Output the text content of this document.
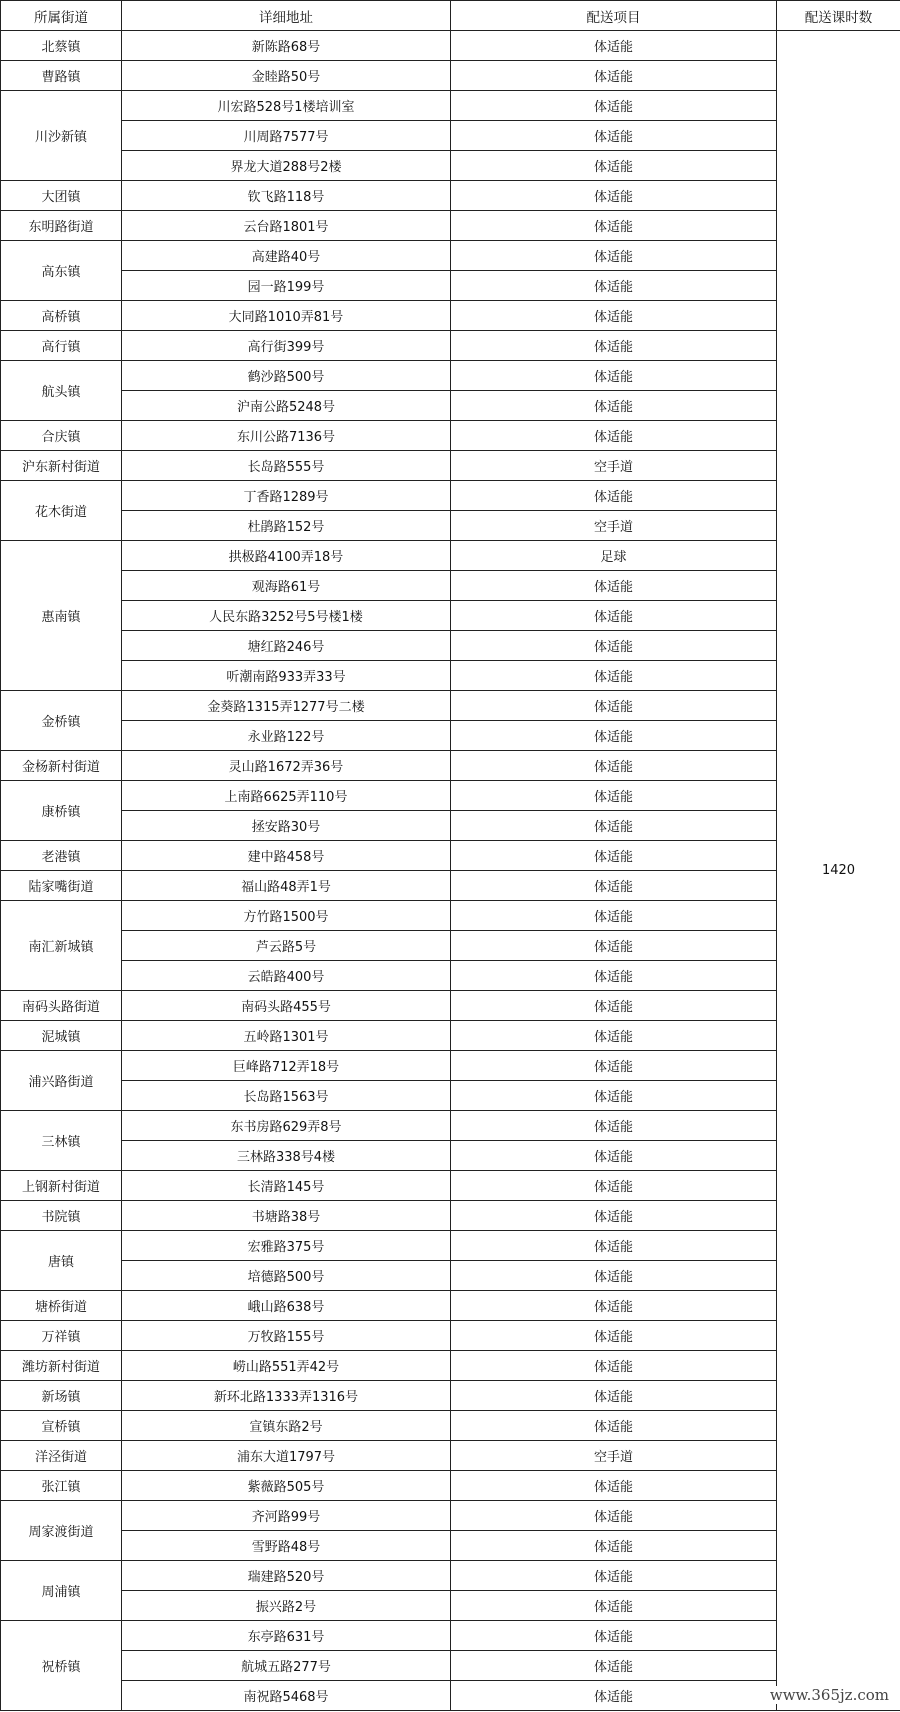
所属街道	详细地址	配送项目	配送课时数
北蔡镇	新陈路68号	体适能	1420
曹路镇	金睦路50号	体适能	
川沙新镇	川宏路528号1楼培训室	体适能	
	川周路7577号	体适能	
	界龙大道288号2楼	体适能	
大团镇	钦飞路118号	体适能	
东明路街道	云台路1801号	体适能	
高东镇	高建路40号	体适能	
	园一路199号	体适能	
高桥镇	大同路1010弄81号	体适能	
高行镇	高行街399号	体适能	
航头镇	鹤沙路500号	体适能	
	沪南公路5248号	体适能	
合庆镇	东川公路7136号	体适能	
沪东新村街道	长岛路555号	空手道	
花木街道	丁香路1289号	体适能	
	杜鹃路152号	空手道	
惠南镇	拱极路4100弄18号	足球	
	观海路61号	体适能	
	人民东路3252号5号楼1楼	体适能	
	塘红路246号	体适能	
	听潮南路933弄33号	体适能	
金桥镇	金葵路1315弄1277号二楼	体适能	
	永业路122号	体适能	
金杨新村街道	灵山路1672弄36号	体适能	
康桥镇	上南路6625弄110号	体适能	
	拯安路30号	体适能	
老港镇	建中路458号	体适能	
陆家嘴街道	福山路48弄1号	体适能	
南汇新城镇	方竹路1500号	体适能	
	芦云路5号	体适能	
	云皓路400号	体适能	
南码头路街道	南码头路455号	体适能	
泥城镇	五岭路1301号	体适能	
浦兴路街道	巨峰路712弄18号	体适能	
	长岛路1563号	体适能	
三林镇	东书房路629弄8号	体适能	
	三林路338号4楼	体适能	
上钢新村街道	长清路145号	体适能	
书院镇	书塘路38号	体适能	
唐镇	宏雅路375号	体适能	
	培德路500号	体适能	
塘桥街道	峨山路638号	体适能	
万祥镇	万牧路155号	体适能	
潍坊新村街道	崂山路551弄42号	体适能	
新场镇	新环北路1333弄1316号	体适能	
宣桥镇	宣镇东路2号	体适能	
洋泾街道	浦东大道1797号	空手道	
张江镇	紫薇路505号	体适能	
周家渡街道	齐河路99号	体适能	
	雪野路48号	体适能	
周浦镇	瑞建路520号	体适能	
	振兴路2号	体适能	
祝桥镇	东亭路631号	体适能	
	航城五路277号	体适能	
	南祝路5468号	体适能		www.365jz.com
